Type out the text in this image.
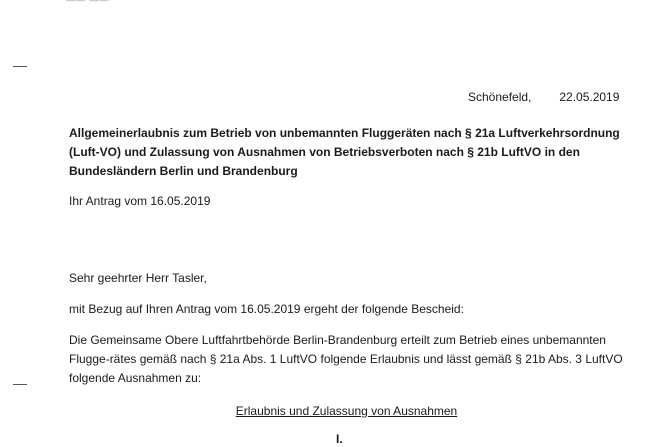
Schönefeld, 22.05.2019
Allgemeinerlaubnis zum Betrieb von unbemannten Fluggeräten nach § 21a Luftverkehrsordnung (Luft-VO) und Zulassung von Ausnahmen von Betriebsverboten nach § 21b LuftVO in den Bundesländern Berlin und Brandenburg
Ihr Antrag vom 16.05.2019
Sehr geehrter Herr Tasler,
mit Bezug auf Ihren Antrag vom 16.05.2019 ergeht der folgende Bescheid:
Die Gemeinsame Obere Luftfahrtbehörde Berlin-Brandenburg erteilt zum Betrieb eines unbemannten Flugge-rätes gemäß nach § 21a Abs. 1 LuftVO folgende Erlaubnis und lässt gemäß § 21b Abs. 3 LuftVO folgende Ausnahmen zu:
Erlaubnis und Zulassung von Ausnahmen
I.
